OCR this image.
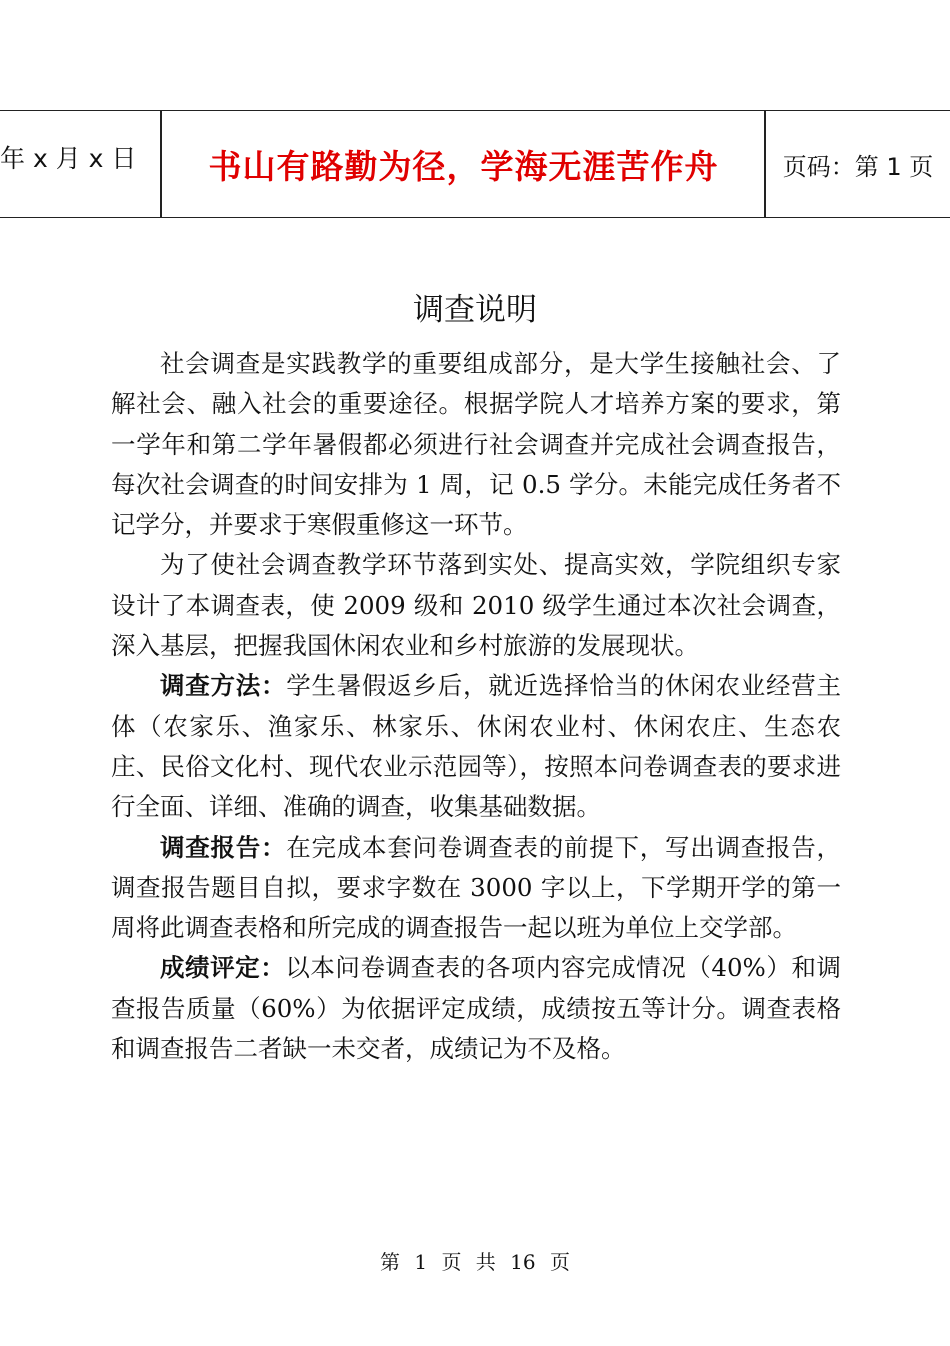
年 x 月 x 日	书山有路勤为径，学海无涯苦作舟	页码：第 1 页
调查说明

社会调查是实践教学的重要组成部分，是大学生接触社会、了解社会、融入社会的重要途径。根据学院人才培养方案的要求，第一学年和第二学年暑假都必须进行社会调查并完成社会调查报告，每次社会调查的时间安排为 1 周，记 0.5 学分。未能完成任务者不记学分，并要求于寒假重修这一环节。

为了使社会调查教学环节落到实处、提高实效，学院组织专家设计了本调查表，使 2009 级和 2010 级学生通过本次社会调查，深入基层，把握我国休闲农业和乡村旅游的发展现状。

调查方法：学生暑假返乡后，就近选择恰当的休闲农业经营主体（农家乐、渔家乐、林家乐、休闲农业村、休闲农庄、生态农庄、民俗文化村、现代农业示范园等），按照本问卷调查表的要求进行全面、详细、准确的调查，收集基础数据。

调查报告：在完成本套问卷调查表的前提下，写出调查报告，调查报告题目自拟，要求字数在 3000 字以上，下学期开学的第一周将此调查表格和所完成的调查报告一起以班为单位上交学部。

成绩评定：以本问卷调查表的各项内容完成情况（40%）和调查报告质量（60%）为依据评定成绩，成绩按五等计分。调查表格和调查报告二者缺一未交者，成绩记为不及格。

第 1 页 共 16 页
